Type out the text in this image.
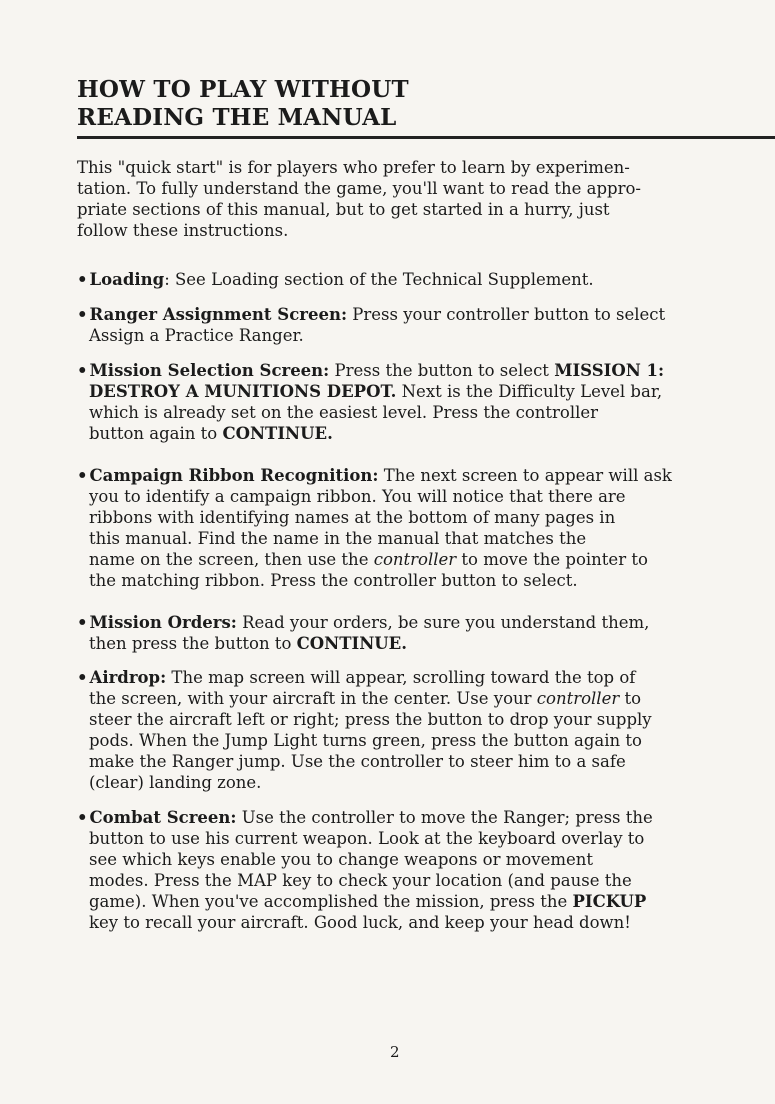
HOW TO PLAY WITHOUT
READING THE MANUAL
This "quick start" is for players who prefer to learn by experimen-
tation. To fully understand the game, you'll want to read the appro-
priate sections of this manual, but to get started in a hurry, just
follow these instructions.
• Loading: See Loading section of the Technical Supplement.
• Ranger Assignment Screen: Press your controller button to select
Assign a Practice Ranger.
• Mission Selection Screen: Press the button to select MISSION 1:
DESTROY A MUNITIONS DEPOT. Next is the Difficulty Level bar,
which is already set on the easiest level. Press the controller
button again to CONTINUE.
• Campaign Ribbon Recognition: The next screen to appear will ask
you to identify a campaign ribbon. You will notice that there are
ribbons with identifying names at the bottom of many pages in
this manual. Find the name in the manual that matches the
name on the screen, then use the controller to move the pointer to
the matching ribbon. Press the controller button to select.
• Mission Orders: Read your orders, be sure you understand them,
then press the button to CONTINUE.
• Airdrop: The map screen will appear, scrolling toward the top of
the screen, with your aircraft in the center. Use your controller to
steer the aircraft left or right; press the button to drop your supply
pods. When the Jump Light turns green, press the button again to
make the Ranger jump. Use the controller to steer him to a safe
(clear) landing zone.
• Combat Screen: Use the controller to move the Ranger; press the
button to use his current weapon. Look at the keyboard overlay to
see which keys enable you to change weapons or movement
modes. Press the MAP key to check your location (and pause the
game). When you've accomplished the mission, press the PICKUP
key to recall your aircraft. Good luck, and keep your head down!
2
